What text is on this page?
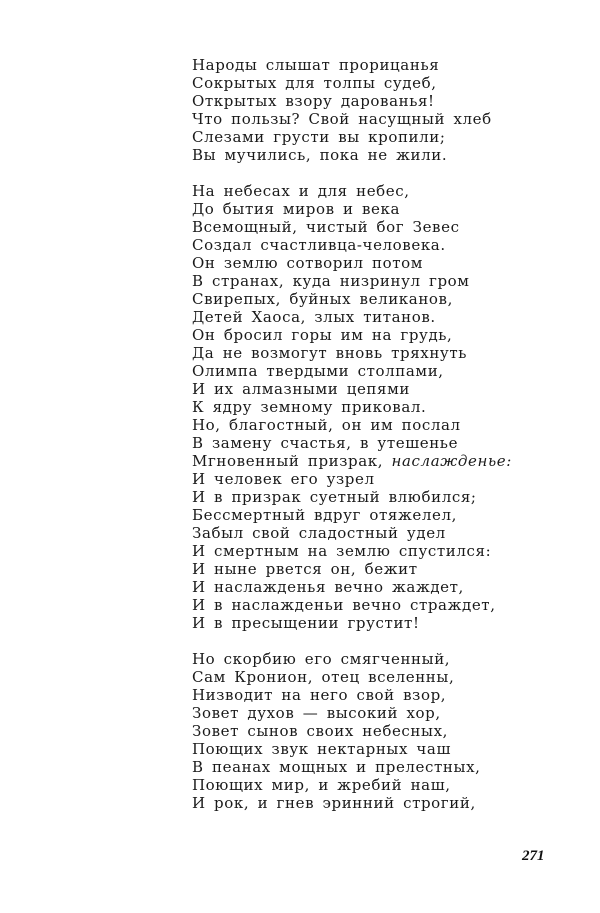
Народы слышат прорицанья
Сокрытых для толпы судеб,
Открытых взору дарованья!
Что пользы? Свой насущный хлеб
Слезами грусти вы кропили;
Вы мучились, пока не жили.
На небесах и для небес,
До бытия миров и века
Всемощный, чистый бог Зевес
Создал счастливца-человека.
Он землю сотворил потом
В странах, куда низринул гром
Свирепых, буйных великанов,
Детей Хаоса, злых титанов.
Он бросил горы им на грудь,
Да не возмогут вновь тряхнуть
Олимпа твердыми столпами,
И их алмазными цепями
К ядру земному приковал.
Но, благостный, он им послал
В замену счастья, в утешенье
Мгновенный призрак, наслажденье:
И человек его узрел
И в призрак суетный влюбился;
Бессмертный вдруг отяжелел,
Забыл свой сладостный удел
И смертным на землю спустился:
И ныне рвется он, бежит
И наслажденья вечно жаждет,
И в наслажденьи вечно страждет,
И в пресыщении грустит!
Но скорбию его смягченный,
Сам Кронион, отец вселенны,
Низводит на него свой взор,
Зовет духов — высокий хор,
Зовет сынов своих небесных,
Поющих звук нектарных чаш
В пеанах мощных и прелестных,
Поющих мир, и жребий наш,
И рок, и гнев эринний строгий,
271
